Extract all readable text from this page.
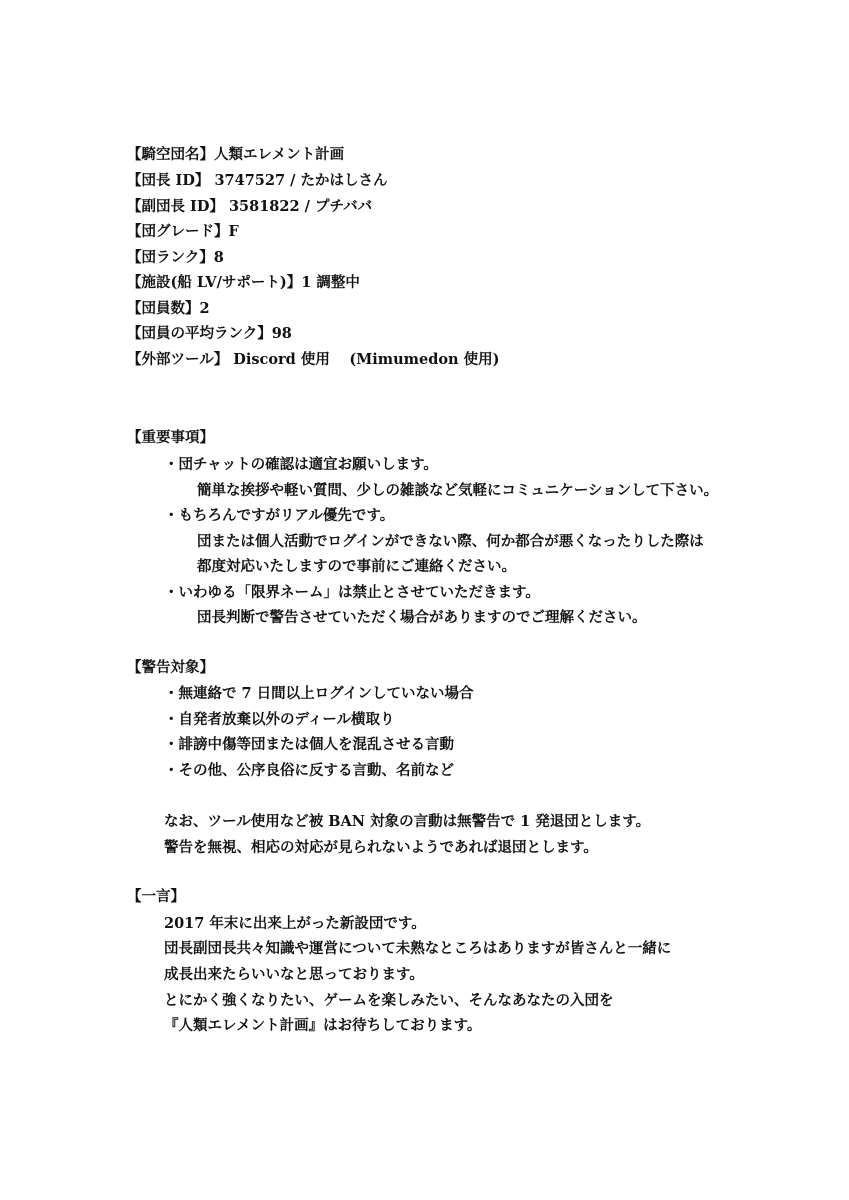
【騎空団名】人類エレメント計画
【団長 ID】 3747527 / たかはしさん
【副団長 ID】 3581822 / プチババ
【団グレード】F
【団ランク】8
【施設(船 LV/サポート)】1 調整中
【団員数】2
【団員の平均ランク】98
【外部ツール】 Discord 使用　 (Mimumedon 使用)
【重要事項】
・団チャットの確認は適宜お願いします。
簡単な挨拶や軽い質問、少しの雑談など気軽にコミュニケーションして下さい。
・もちろんですがリアル優先です。
団または個人活動でログインができない際、何か都合が悪くなったりした際は
都度対応いたしますので事前にご連絡ください。
・いわゆる「限界ネーム」は禁止とさせていただきます。
団長判断で警告させていただく場合がありますのでご理解ください。
【警告対象】
・無連絡で 7 日間以上ログインしていない場合
・自発者放棄以外のディール横取り
・誹謗中傷等団または個人を混乱させる言動
・その他、公序良俗に反する言動、名前など
なお、ツール使用など被 BAN 対象の言動は無警告で 1 発退団とします。
警告を無視、相応の対応が見られないようであれば退団とします。
【一言】
2017 年末に出来上がった新設団です。
団長副団長共々知識や運営について未熟なところはありますが皆さんと一緒に
成長出来たらいいなと思っております。
とにかく強くなりたい、ゲームを楽しみたい、そんなあなたの入団を
『人類エレメント計画』はお待ちしております。
